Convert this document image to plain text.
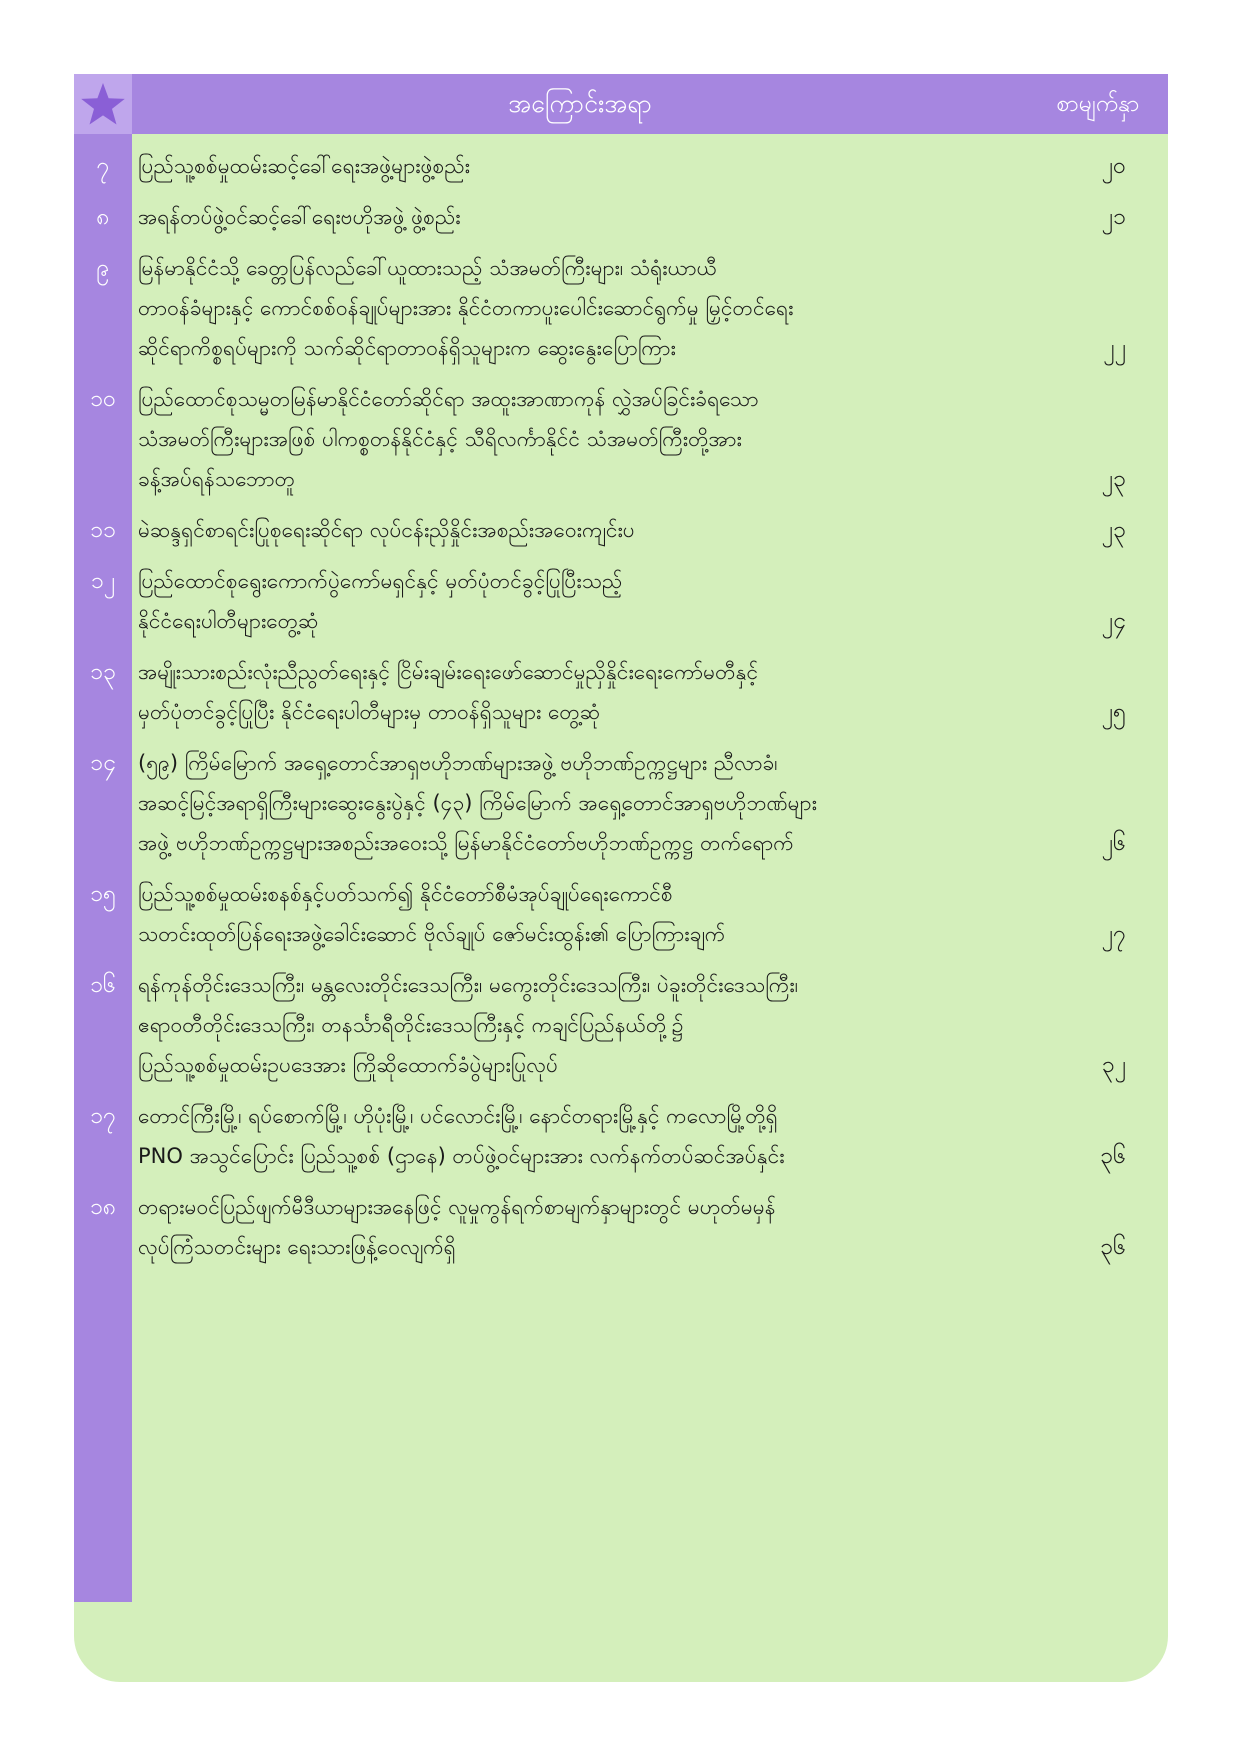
အကြောင်းအရာ	စာမျက်နှာ
၇	ပြည်သူ့စစ်မှုထမ်းဆင့်ခေါ်ရေးအဖွဲ့များဖွဲ့စည်း	၂၀
၈	အရန်တပ်ဖွဲ့ဝင်ဆင့်ခေါ်ရေးဗဟိုအဖွဲ့ ဖွဲ့စည်း	၂၁
၉	မြန်မာနိုင်ငံသို့ ခေတ္တပြန်လည်ခေါ်ယူထားသည့် သံအမတ်ကြီးများ၊ သံရုံးယာယီ
တာဝန်ခံများနှင့် ကောင်စစ်ဝန်ချုပ်များအား နိုင်ငံတကာပူးပေါင်းဆောင်ရွက်မှု မြှင့်တင်ရေး
ဆိုင်ရာကိစ္စရပ်များကို သက်ဆိုင်ရာတာဝန်ရှိသူများက ဆွေးနွေးပြောကြား	၂၂
၁၀	ပြည်ထောင်စုသမ္မတမြန်မာနိုင်ငံတော်ဆိုင်ရာ အထူးအာဏာကုန် လွှဲအပ်ခြင်းခံရသော
သံအမတ်ကြီးများအဖြစ် ပါကစ္စတန်နိုင်ငံနှင့် သီရိလင်္ကာနိုင်ငံ သံအမတ်ကြီးတို့အား
ခန့်အပ်ရန်သဘောတူ	၂၃
၁၁	မဲဆန္ဒရှင်စာရင်းပြုစုရေးဆိုင်ရာ လုပ်ငန်းညှိနှိုင်းအစည်းအဝေးကျင်းပ	၂၃
၁၂	ပြည်ထောင်စုရွေးကောက်ပွဲကော်မရှင်နှင့် မှတ်ပုံတင်ခွင့်ပြုပြီးသည့်
နိုင်ငံရေးပါတီများတွေ့ဆုံ	၂၄
၁၃	အမျိုးသားစည်းလုံးညီညွတ်ရေးနှင့် ငြိမ်းချမ်းရေးဖော်ဆောင်မှုညှိနှိုင်းရေးကော်မတီနှင့်
မှတ်ပုံတင်ခွင့်ပြုပြီး နိုင်ငံရေးပါတီများမှ တာဝန်ရှိသူများ တွေ့ဆုံ	၂၅
၁၄	(၅၉) ကြိမ်မြောက် အရှေ့တောင်အာရှဗဟိုဘဏ်များအဖွဲ့ ဗဟိုဘဏ်ဥက္ကဋ္ဌများ ညီလာခံ၊
အဆင့်မြင့်အရာရှိကြီးများဆွေးနွေးပွဲနှင့် (၄၃) ကြိမ်မြောက် အရှေ့တောင်အာရှဗဟိုဘဏ်များ
အဖွဲ့ ဗဟိုဘဏ်ဥက္ကဋ္ဌများအစည်းအဝေးသို့ မြန်မာနိုင်ငံတော်ဗဟိုဘဏ်ဥက္ကဋ္ဌ တက်ရောက်	၂၆
၁၅	ပြည်သူ့စစ်မှုထမ်းစနစ်နှင့်ပတ်သက်၍ နိုင်ငံတော်စီမံအုပ်ချုပ်ရေးကောင်စီ
သတင်းထုတ်ပြန်ရေးအဖွဲ့ခေါင်းဆောင် ဗိုလ်ချုပ် ဇော်မင်းထွန်း၏ ပြောကြားချက်	၂၇
၁၆	ရန်ကုန်တိုင်းဒေသကြီး၊ မန္တလေးတိုင်းဒေသကြီး၊ မကွေးတိုင်းဒေသကြီး၊ ပဲခူးတိုင်းဒေသကြီး၊
ဧရာဝတီတိုင်းဒေသကြီး၊ တနင်္သာရီတိုင်းဒေသကြီးနှင့် ကချင်ပြည်နယ်တို့၌
ပြည်သူ့စစ်မှုထမ်းဥပဒေအား ကြိုဆိုထောက်ခံပွဲများပြုလုပ်	၃၂
၁၇	တောင်ကြီးမြို့၊ ရပ်စောက်မြို့၊ ဟိုပုံးမြို့၊ ပင်လောင်းမြို့၊ နောင်တရားမြို့နှင့် ကလောမြို့တို့ရှိ
PNO အသွင်ပြောင်း ပြည်သူ့စစ် (ဌာနေ) တပ်ဖွဲ့ဝင်များအား လက်နက်တပ်ဆင်အပ်နှင်း	၃၆
၁၈	တရားမဝင်ပြည်ဖျက်မီဒီယာများအနေဖြင့် လူမှုကွန်ရက်စာမျက်နှာများတွင် မဟုတ်မမှန်
လုပ်ကြံသတင်းများ ရေးသားဖြန့်ဝေလျက်ရှိ	၃၆
